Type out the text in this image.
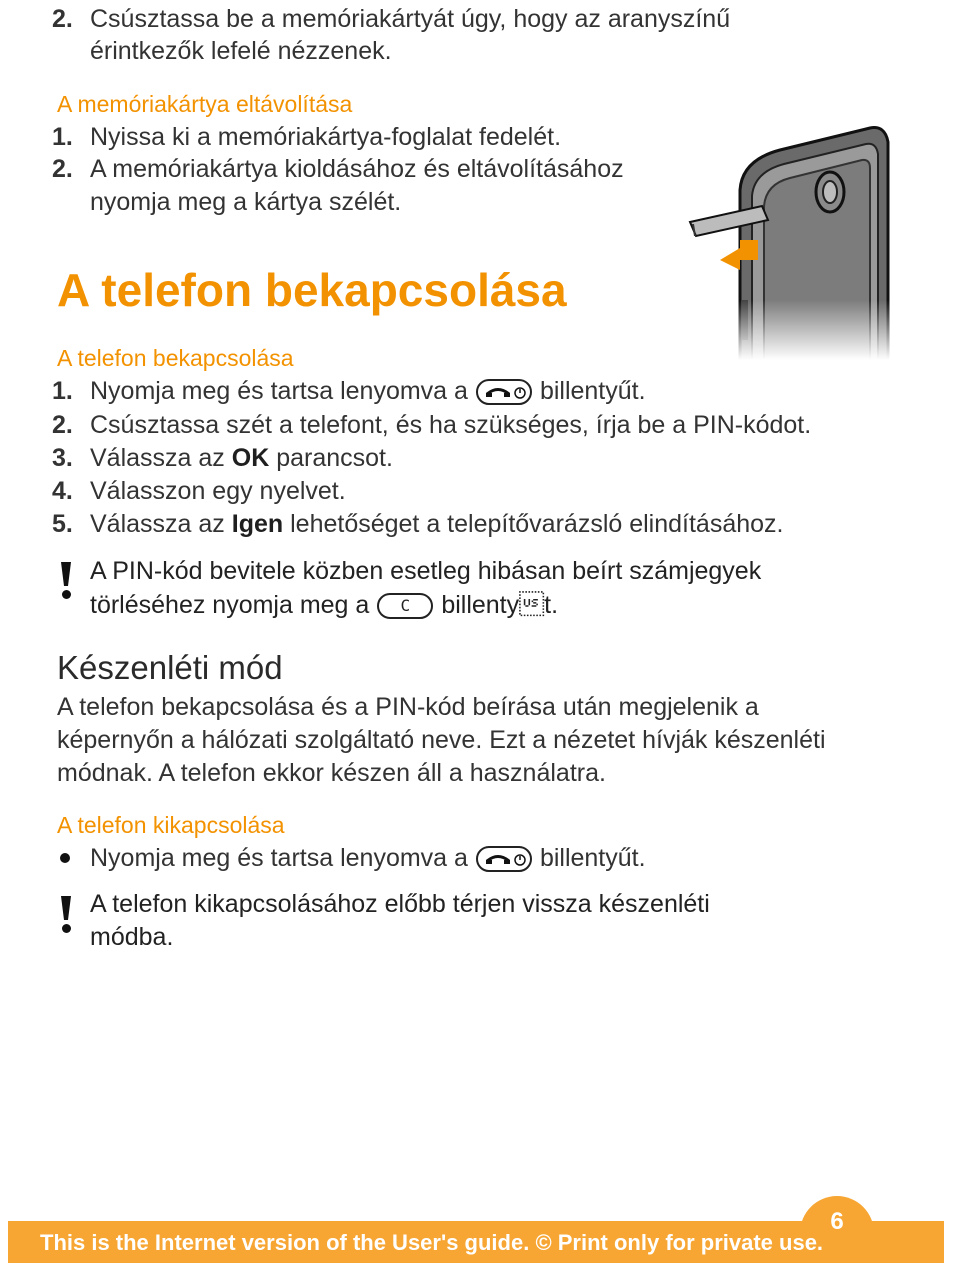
2. Csúsztassa be a memóriakártyát úgy, hogy az aranyszínű
érintkezők lefelé nézzenek.
A memóriakártya eltávolítása
1. Nyissa ki a memóriakártya-foglalat fedelét.
2. A memóriakártya kioldásához és eltávolításához
nyomja meg a kártya szélét.
A telefon bekapcsolása
A telefon bekapcsolása
1. Nyomja meg és tartsa lenyomva a	billentyűt.
2. Csúsztassa szét a telefont, és ha szükséges, írja be a PIN-kódot.
3. Válassza az OK parancsot.
4. Válasszon egy nyelvet.
5. Válassza az Igen lehetőséget a telepítővarázsló elindításához.
A PIN-kód bevitele közben esetleg hibásan beírt számjegyek
törléséhez nyomja meg a C billentyt.
Készenléti mód
A telefon bekapcsolása és a PIN-kód beírása után megjelenik a
képernyőn a hálózati szolgáltató neve. Ezt a nézetet hívják készenléti
módnak. A telefon ekkor készen áll a használatra.
A telefon kikapcsolása
Nyomja meg és tartsa lenyomva a	billentyűt.
A telefon kikapcsolásához előbb térjen vissza készenléti
módba.
6
This is the Internet version of the User's guide. © Print only for private use.
